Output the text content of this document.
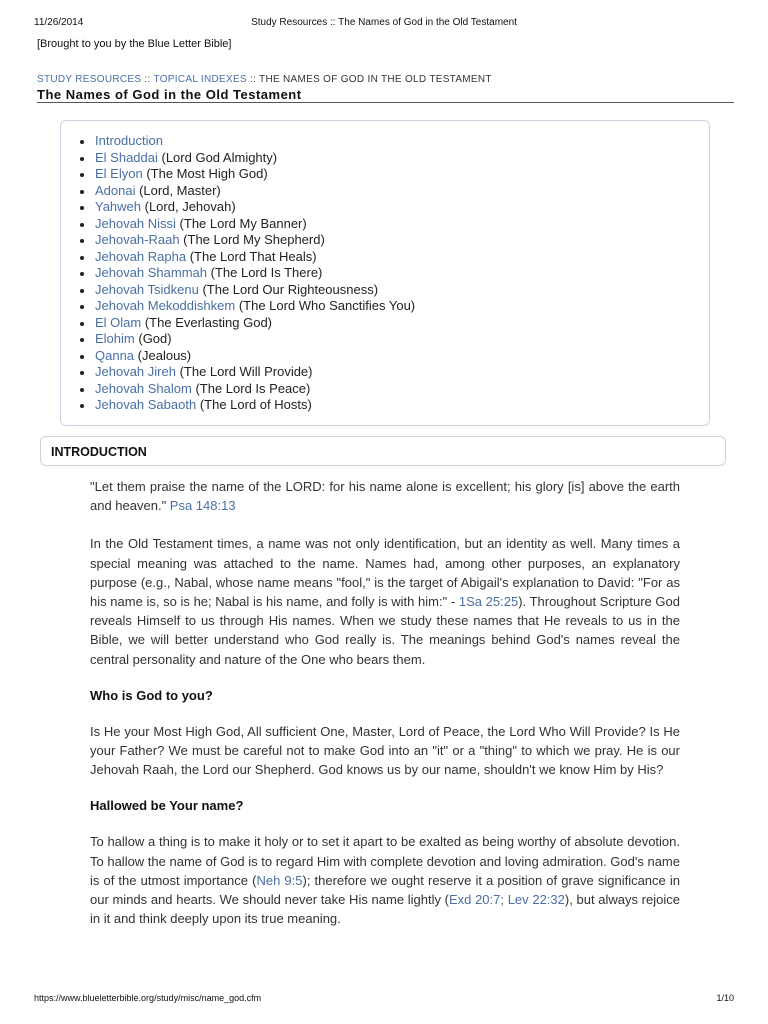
11/26/2014	Study Resources :: The Names of God in the Old Testament
[Brought to you by the Blue Letter Bible]
STUDY RESOURCES :: TOPICAL INDEXES :: THE NAMES OF GOD IN THE OLD TESTAMENT
The Names of God in the Old Testament
Introduction
El Shaddai (Lord God Almighty)
El Elyon (The Most High God)
Adonai (Lord, Master)
Yahweh (Lord, Jehovah)
Jehovah Nissi (The Lord My Banner)
Jehovah-Raah (The Lord My Shepherd)
Jehovah Rapha (The Lord That Heals)
Jehovah Shammah (The Lord Is There)
Jehovah Tsidkenu (The Lord Our Righteousness)
Jehovah Mekoddishkem (The Lord Who Sanctifies You)
El Olam (The Everlasting God)
Elohim (God)
Qanna (Jealous)
Jehovah Jireh (The Lord Will Provide)
Jehovah Shalom (The Lord Is Peace)
Jehovah Sabaoth (The Lord of Hosts)
INTRODUCTION

"Let them praise the name of the LORD: for his name alone is excellent; his glory [is] above the earth and heaven." Psa 148:13

In the Old Testament times, a name was not only identification, but an identity as well. Many times a special meaning was attached to the name. Names had, among other purposes, an explanatory purpose (e.g., Nabal, whose name means "fool," is the target of Abigail's explanation to David: "For as his name is, so is he; Nabal is his name, and folly is with him:" - 1Sa 25:25). Throughout Scripture God reveals Himself to us through His names. When we study these names that He reveals to us in the Bible, we will better understand who God really is. The meanings behind God's names reveal the central personality and nature of the One who bears them.

Who is God to you?

Is He your Most High God, All sufficient One, Master, Lord of Peace, the Lord Who Will Provide? Is He your Father? We must be careful not to make God into an "it" or a "thing" to which we pray. He is our Jehovah Raah, the Lord our Shepherd. God knows us by our name, shouldn't we know Him by His?

Hallowed be Your name?

To hallow a thing is to make it holy or to set it apart to be exalted as being worthy of absolute devotion. To hallow the name of God is to regard Him with complete devotion and loving admiration. God's name is of the utmost importance (Neh 9:5); therefore we ought reserve it a position of grave significance in our minds and hearts. We should never take His name lightly (Exd 20:7; Lev 22:32), but always rejoice in it and think deeply upon its true meaning.

https://www.blueletterbible.org/study/misc/name_god.cfm	1/10
